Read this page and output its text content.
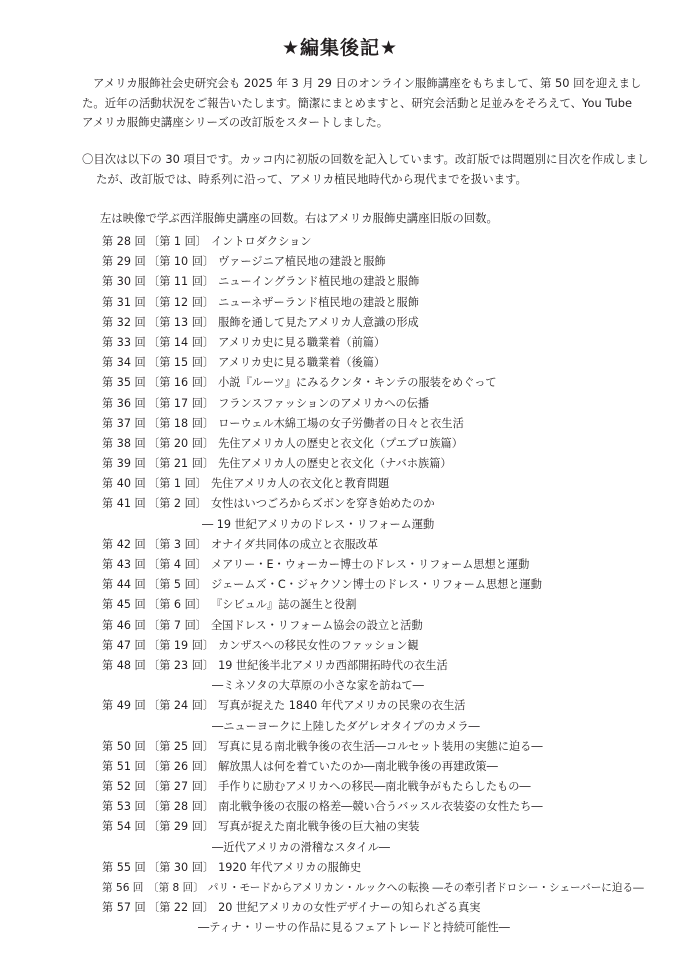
★編集後記★

アメリカ服飾社会史研究会も 2025 年 3 月 29 日のオンライン服飾講座をもちまして、第 50 回を迎えました。近年の活動状況をご報告いたします。簡潔にまとめますと、研究会活動と足並みをそろえて、You Tube アメリカ服飾史講座シリーズの改訂版をスタートしました。

〇目次は以下の 30 項目です。カッコ内に初版の回数を記入しています。改訂版では問題別に目次を作成しましたが、改訂版では、時系列に沿って、アメリカ植民地時代から現代までを扱います。

左は映像で学ぶ西洋服飾史講座の回数。右はアメリカ服飾史講座旧版の回数。
第 28 回 〔第 1 回〕 イントロダクション
第 29 回 〔第 10 回〕 ヴァージニア植民地の建設と服飾
第 30 回 〔第 11 回〕 ニューイングランド植民地の建設と服飾
第 31 回 〔第 12 回〕 ニューネザーランド植民地の建設と服飾
第 32 回 〔第 13 回〕 服飾を通して見たアメリカ人意識の形成
第 33 回 〔第 14 回〕 アメリカ史に見る職業着（前篇）
第 34 回 〔第 15 回〕 アメリカ史に見る職業着（後篇）
第 35 回 〔第 16 回〕 小説『ルーツ』にみるクンタ・キンテの服装をめぐって
第 36 回 〔第 17 回〕 フランスファッションのアメリカへの伝播
第 37 回 〔第 18 回〕 ローウェル木綿工場の女子労働者の日々と衣生活
第 38 回 〔第 20 回〕 先住アメリカ人の歴史と衣文化（プエブロ族篇）
第 39 回 〔第 21 回〕 先住アメリカ人の歴史と衣文化（ナバホ族篇）
第 40 回 〔第 1 回〕 先住アメリカ人の衣文化と教育問題
第 41 回 〔第 2 回〕 女性はいつごろからズボンを穿き始めたのか
― 19 世紀アメリカのドレス・リフォーム運動
第 42 回 〔第 3 回〕 オナイダ共同体の成立と衣服改革
第 43 回 〔第 4 回〕 メアリー・E・ウォーカー博士のドレス・リフォーム思想と運動
第 44 回 〔第 5 回〕 ジェームズ・C・ジャクソン博士のドレス・リフォーム思想と運動
第 45 回 〔第 6 回〕 『シビュル』誌の誕生と役割
第 46 回 〔第 7 回〕 全国ドレス・リフォーム協会の設立と活動
第 47 回 〔第 19 回〕 カンザスへの移民女性のファッション観
第 48 回 〔第 23 回〕 19 世紀後半北アメリカ西部開拓時代の衣生活
―ミネソタの大草原の小さな家を訪ねて―
第 49 回 〔第 24 回〕 写真が捉えた 1840 年代アメリカの民衆の衣生活
―ニューヨークに上陸したダゲレオタイプのカメラ―
第 50 回 〔第 25 回〕 写真に見る南北戦争後の衣生活―コルセット装用の実態に迫る―
第 51 回 〔第 26 回〕 解放黒人は何を着ていたのか―南北戦争後の再建政策―
第 52 回 〔第 27 回〕 手作りに励むアメリカへの移民―南北戦争がもたらしたもの―
第 53 回 〔第 28 回〕 南北戦争後の衣服の格差―競い合うバッスル衣装姿の女性たち―
第 54 回 〔第 29 回〕 写真が捉えた南北戦争後の巨大袖の実装
―近代アメリカの滑稽なスタイル―
第 55 回 〔第 30 回〕 1920 年代アメリカの服飾史
第 56 回 〔第 8 回〕 パリ・モードからアメリカン・ルックへの転換 ―その牽引者ドロシー・シェーバーに迫る―
第 57 回 〔第 22 回〕 20 世紀アメリカの女性デザイナーの知られざる真実
―ティナ・リーサの作品に見るフェアトレードと持続可能性―
